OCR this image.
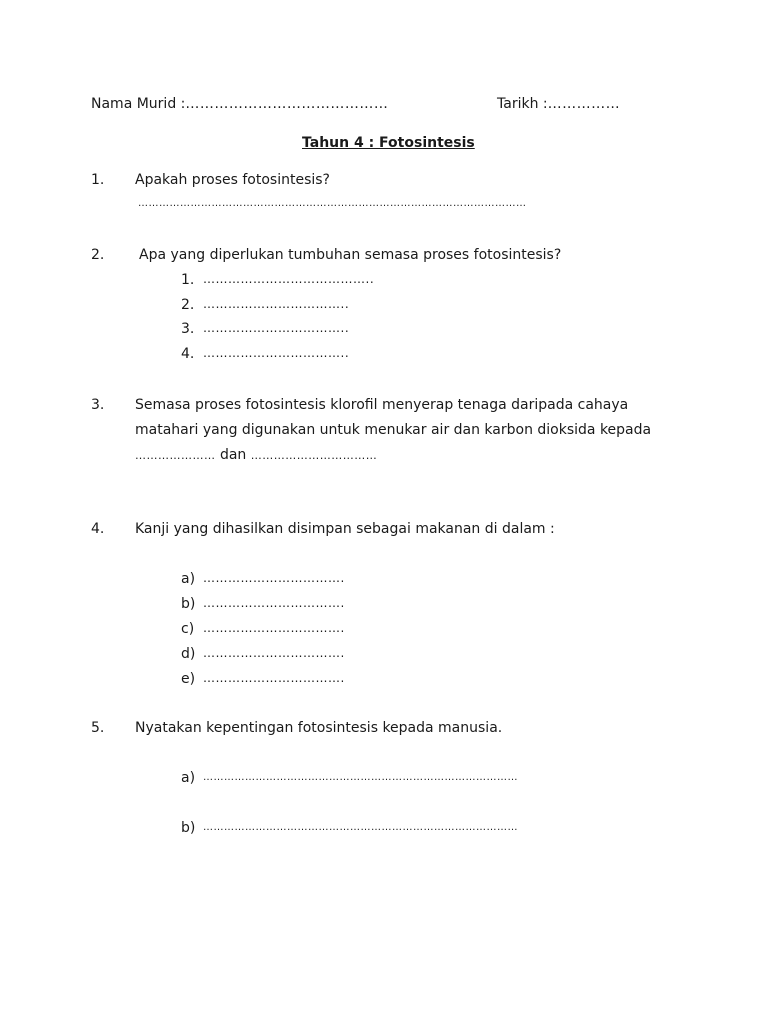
Nama Murid :……………………………………	Tarikh :……………
Tahun 4 : Fotosintesis
1. Apakah proses fotosintesis?
…………………………………………………………………………………………………
2. Apa yang diperlukan tumbuhan semasa proses fotosintesis?
1. …………………………………..
2. ……………………………..
3. ……………………………..
4. ……………………………..
3. Semasa proses fotosintesis klorofil menyerap tenaga daripada cahaya
matahari yang digunakan untuk menukar air dan karbon dioksida kepada
………………… dan ……………………………
4. Kanji yang dihasilkan disimpan sebagai makanan di dalam :
a) …………………………….
b) …………………………….
c) …………………………….
d) …………………………….
e) …………………………….
5. Nyatakan kepentingan fotosintesis kepada manusia.
a) ………………………………………………………………………………
b) ………………………………………………………………………………
